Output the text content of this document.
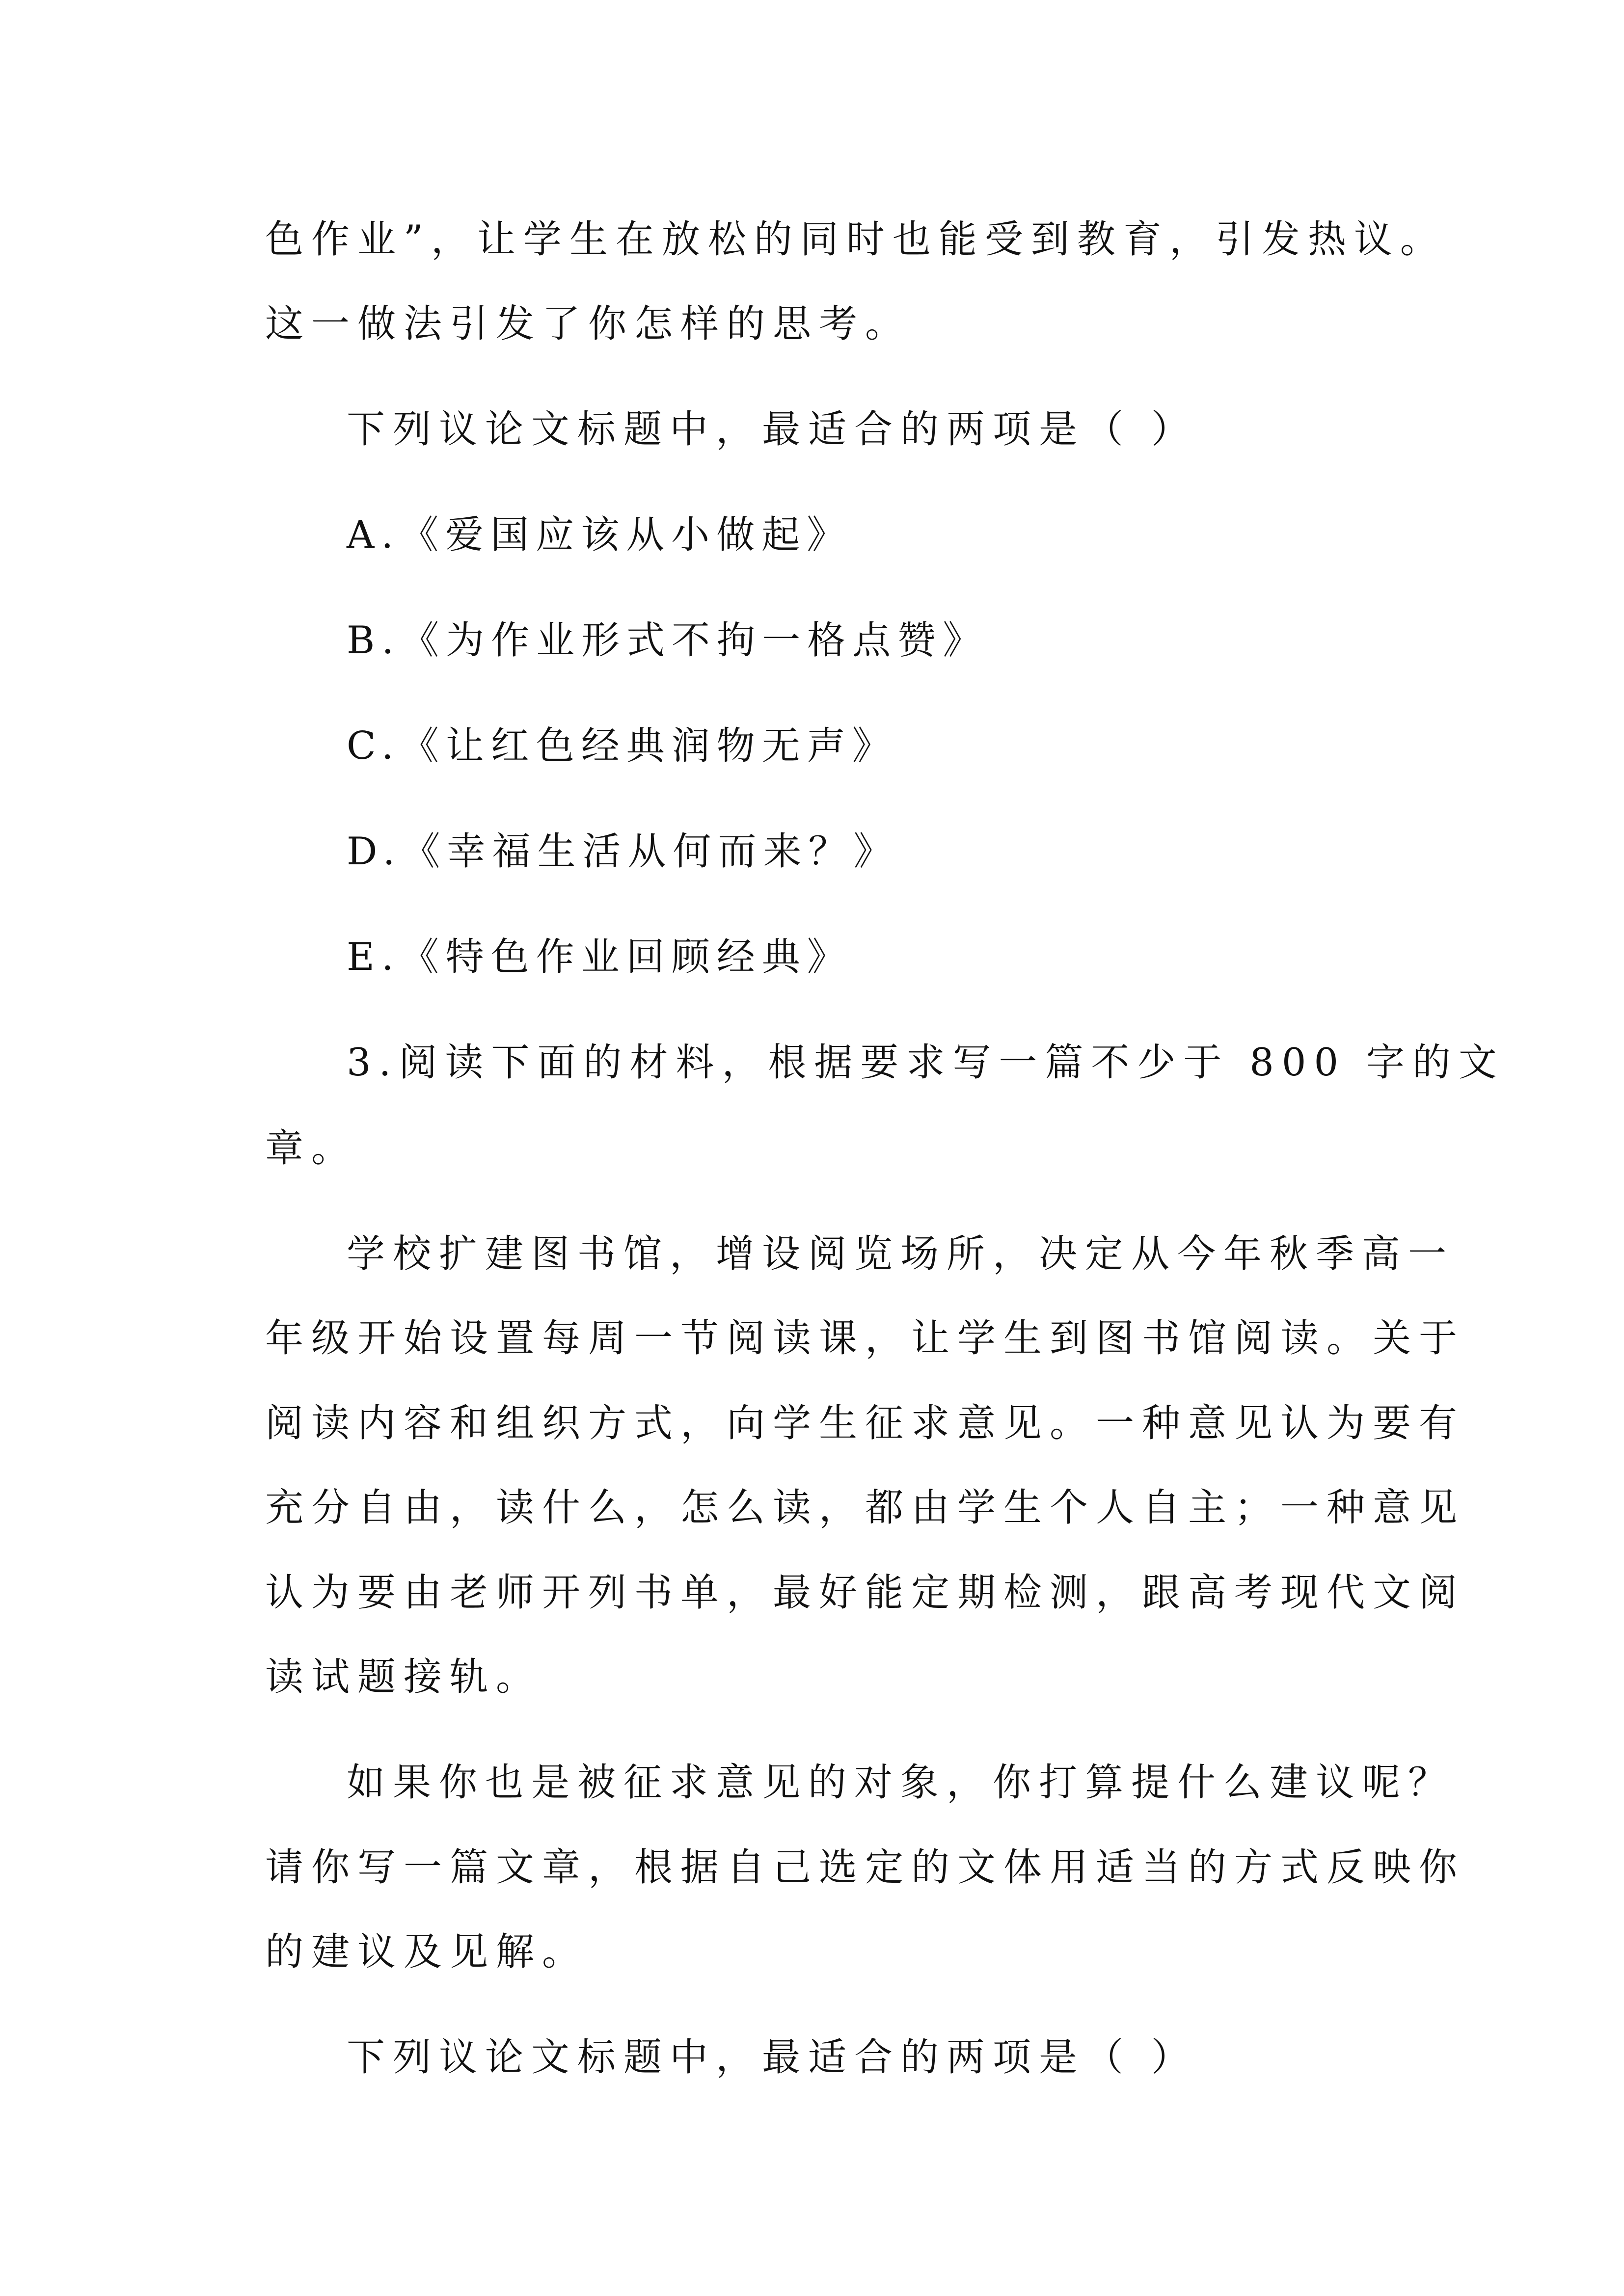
色作业”，让学生在放松的同时也能受到教育，引发热议。

这一做法引发了你怎样的思考。

下列议论文标题中，最适合的两项是（ ）

A.《爱国应该从小做起》

B.《为作业形式不拘一格点赞》

C.《让红色经典润物无声》

D.《幸福生活从何而来？》

E.《特色作业回顾经典》

3.阅读下面的材料，根据要求写一篇不少于 800 字的文

章。

学校扩建图书馆，增设阅览场所，决定从今年秋季高一

年级开始设置每周一节阅读课，让学生到图书馆阅读。关于

阅读内容和组织方式，向学生征求意见。一种意见认为要有

充分自由，读什么，怎么读，都由学生个人自主；一种意见

认为要由老师开列书单，最好能定期检测，跟高考现代文阅

读试题接轨。

如果你也是被征求意见的对象，你打算提什么建议呢？

请你写一篇文章，根据自己选定的文体用适当的方式反映你

的建议及见解。

下列议论文标题中，最适合的两项是（ ）
